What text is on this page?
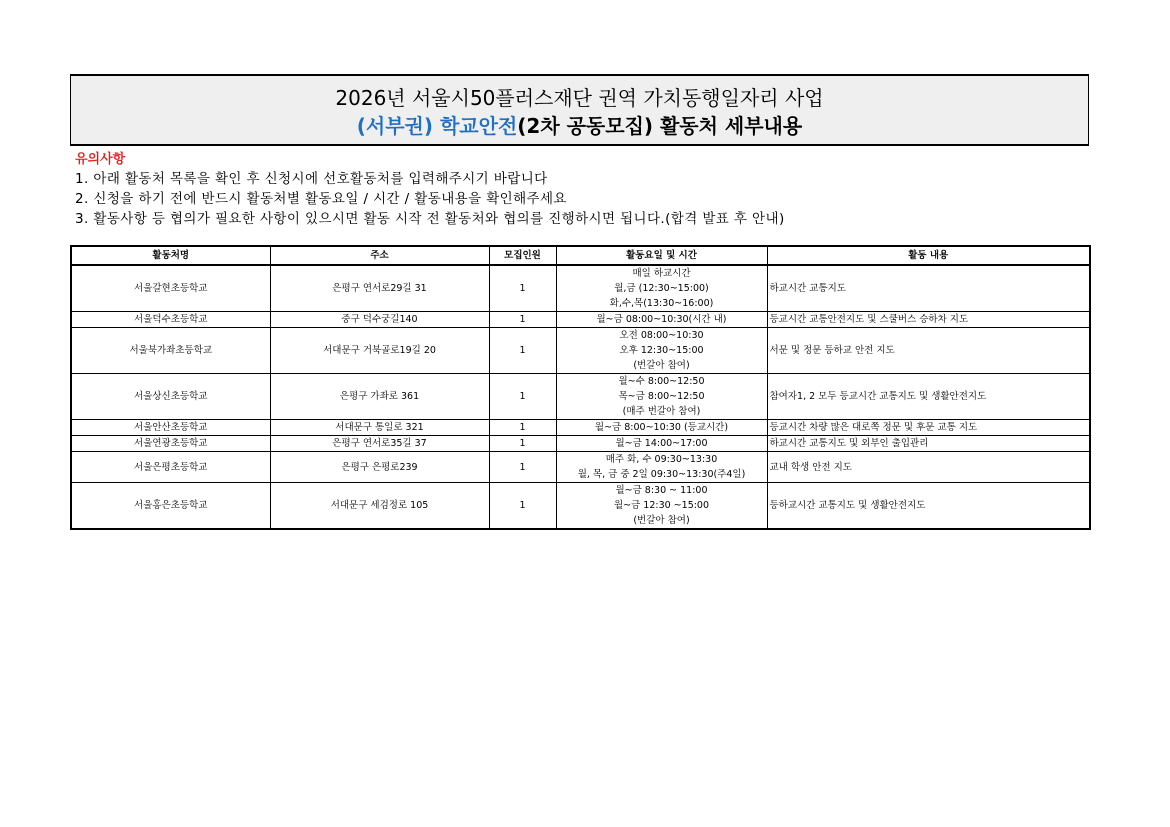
2026년 서울시50플러스재단 권역 가치동행일자리 사업
(서부권) 학교안전(2차 공동모집) 활동처 세부내용
유의사항
1. 아래 활동처 목록을 확인 후 신청시에 선호활동처를 입력해주시기 바랍니다
2. 신청을 하기 전에 반드시 활동처별 활동요일 / 시간 / 활동내용을 확인해주세요
3. 활동사항 등 협의가 필요한 사항이 있으시면 활동 시작 전 활동처와 협의를 진행하시면 됩니다.(합격 발표 후 안내)
활동처명	주소	모집인원	활동요일 및 시간	활동 내용
서울갈현초등학교	은평구 연서로29길 31	1	매일 하교시간
월,금 (12:30~15:00)
화,수,목(13:30~16:00)	하교시간 교통지도
서울덕수초등학교	중구 덕수궁길140	1	월~금 08:00~10:30(시간 내)	등교시간 교통안전지도 및 스쿨버스 승하차 지도
서울북가좌초등학교	서대문구 거북골로19길 20	1	오전 08:00~10:30
오후 12:30~15:00
(번갈아 참여)	서문 및 정문 등하교 안전 지도
서울상신초등학교	은평구 가좌로 361	1	월~수 8:00~12:50
목~금 8:00~12:50
(매주 번갈아 참여)	참여자1, 2 모두 등교시간 교통지도 및 생활안전지도
서울안산초등학교	서대문구 통일로 321	1	월~금 8:00~10:30 (등교시간)	등교시간 차량 많은 대로쪽 정문 및 후문 교통 지도
서울연광초등학교	은평구 연서로35길 37	1	월~금 14:00~17:00	하교시간 교통지도 및 외부인 출입관리
서울은평초등학교	은평구 은평로239	1	매주 화, 수 09:30~13:30
월, 목, 금 중 2일 09:30~13:30(주4일)	교내 학생 안전 지도
서울홍은초등학교	서대문구 세검정로 105	1	월~금 8:30 ~ 11:00
월~금 12:30 ~15:00
(번갈아 참여)	등하교시간 교통지도 및 생활안전지도
